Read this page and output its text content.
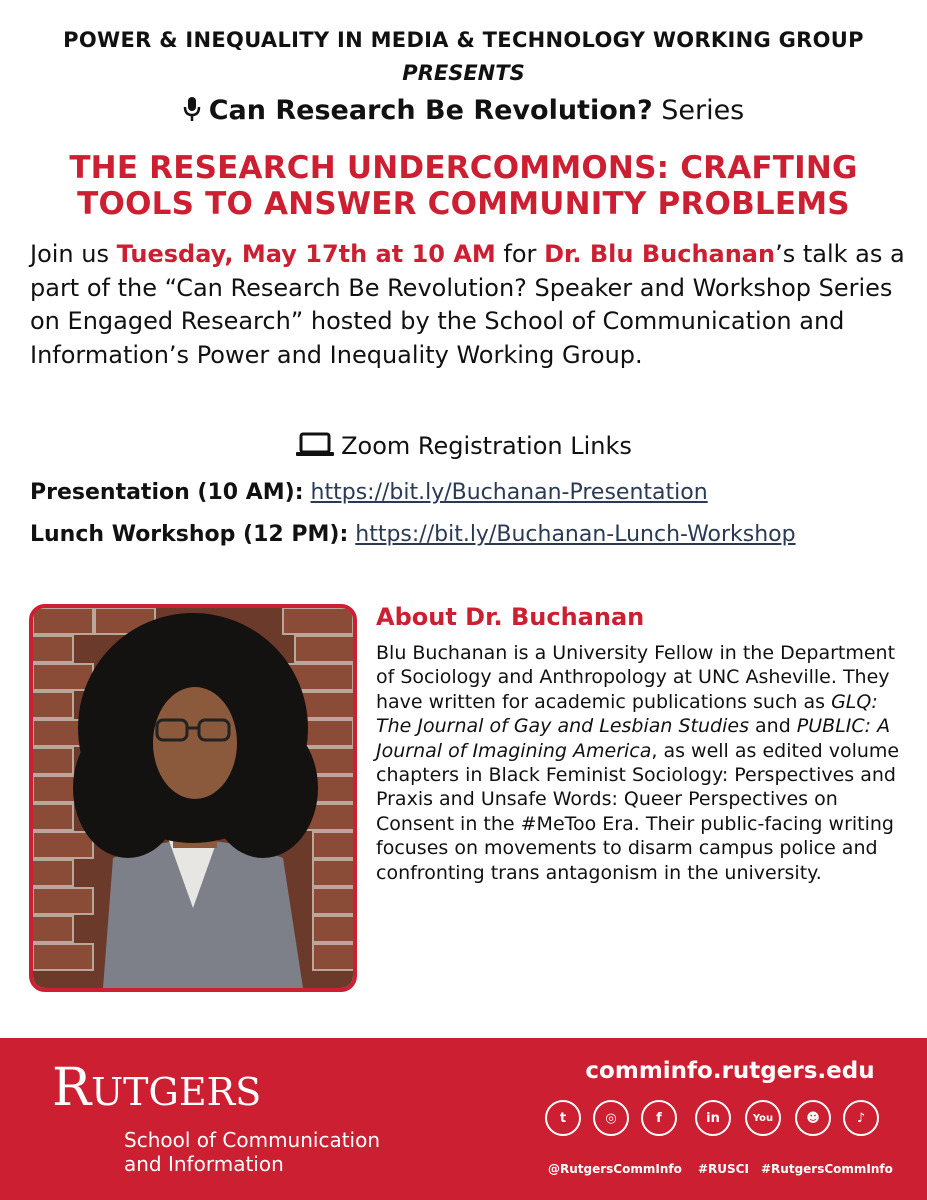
POWER & INEQUALITY IN MEDIA & TECHNOLOGY WORKING GROUP
PRESENTS
Can Research Be Revolution? Series
THE RESEARCH UNDERCOMMONS: CRAFTING
TOOLS TO ANSWER COMMUNITY PROBLEMS
Join us Tuesday, May 17th at 10 AM for Dr. Blu Buchanan’s talk as a part of the “Can Research Be Revolution? Speaker and Workshop Series on Engaged Research” hosted by the School of Communication and Information’s Power and Inequality Working Group.
Zoom Registration Links
Presentation (10 AM): https://bit.ly/Buchanan-Presentation
Lunch Workshop (12 PM): https://bit.ly/Buchanan-Lunch-Workshop
About Dr. Buchanan
Blu Buchanan is a University Fellow in the Department of Sociology and Anthropology at UNC Asheville. They have written for academic publications such as GLQ: The Journal of Gay and Lesbian Studies and PUBLIC: A Journal of Imagining America, as well as edited volume chapters in Black Feminist Sociology: Perspectives and Praxis and Unsafe Words: Queer Perspectives on Consent in the #MeToo Era. Their public-facing writing focuses on movements to disarm campus police and confronting trans antagonism in the university.
RUTGERS
School of Communication
and Information
comminfo.rutgers.edu
t	◎	f	in	You	☻	♪
@RutgersCommInfo #RUSCI #RutgersCommInfo
